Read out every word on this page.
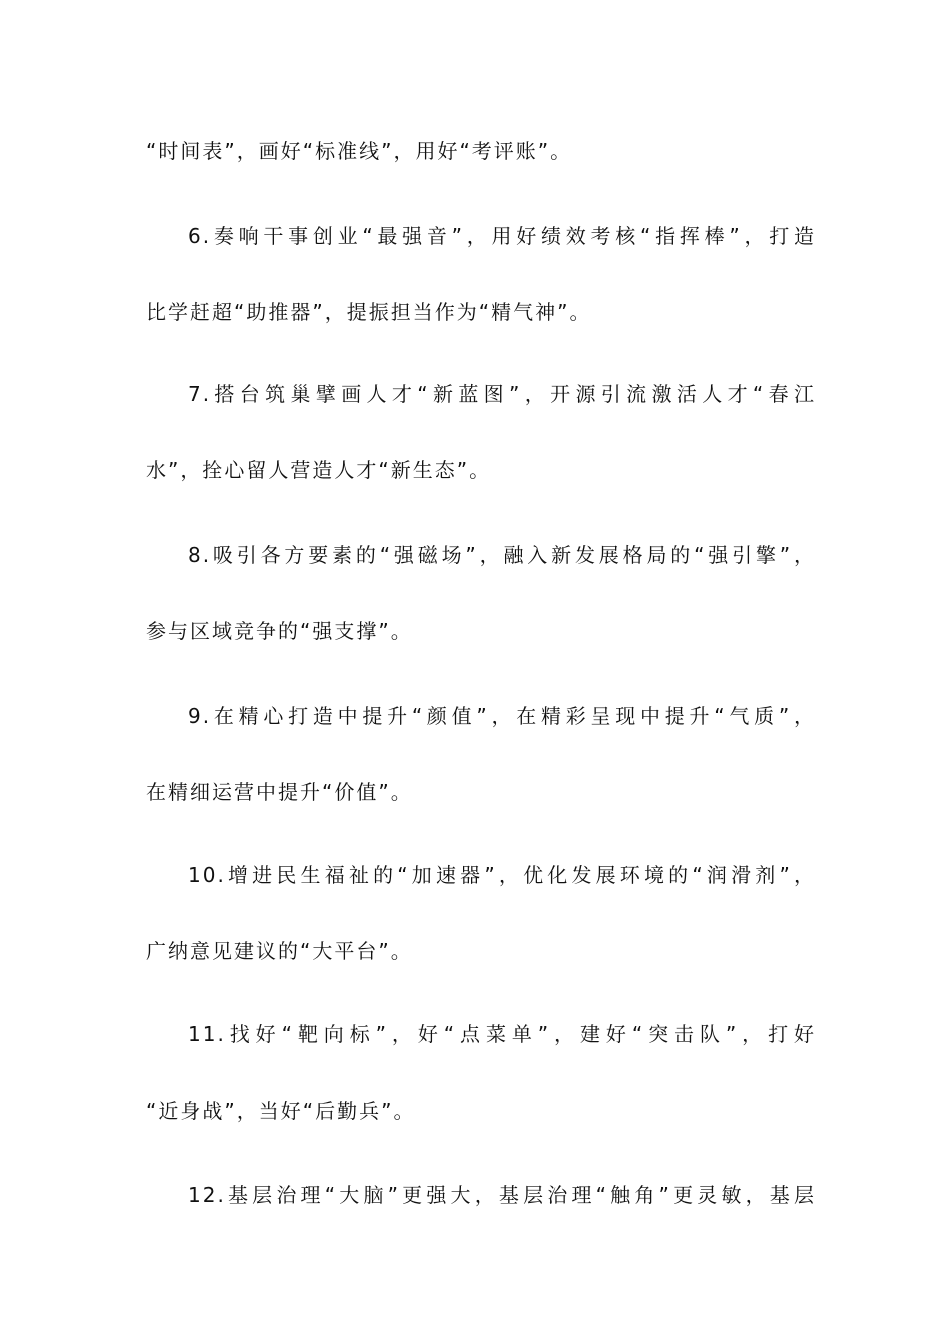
“时间表”，画好“标准线”，用好“考评账”。
6.奏响干事创业“最强音”，用好绩效考核“指挥棒”，打造
比学赶超“助推器”，提振担当作为“精气神”。
7.搭台筑巢擘画人才“新蓝图”，开源引流激活人才“春江
水”，拴心留人营造人才“新生态”。
8.吸引各方要素的“强磁场”，融入新发展格局的“强引擎”，
参与区域竞争的“强支撑”。
9.在精心打造中提升“颜值”，在精彩呈现中提升“气质”，
在精细运营中提升“价值”。
10.增进民生福祉的“加速器”，优化发展环境的“润滑剂”，
广纳意见建议的“大平台”。
11.找好“靶向标”，好“点菜单”，建好“突击队”，打好
“近身战”，当好“后勤兵”。
12.基层治理“大脑”更强大，基层治理“触角”更灵敏，基层
